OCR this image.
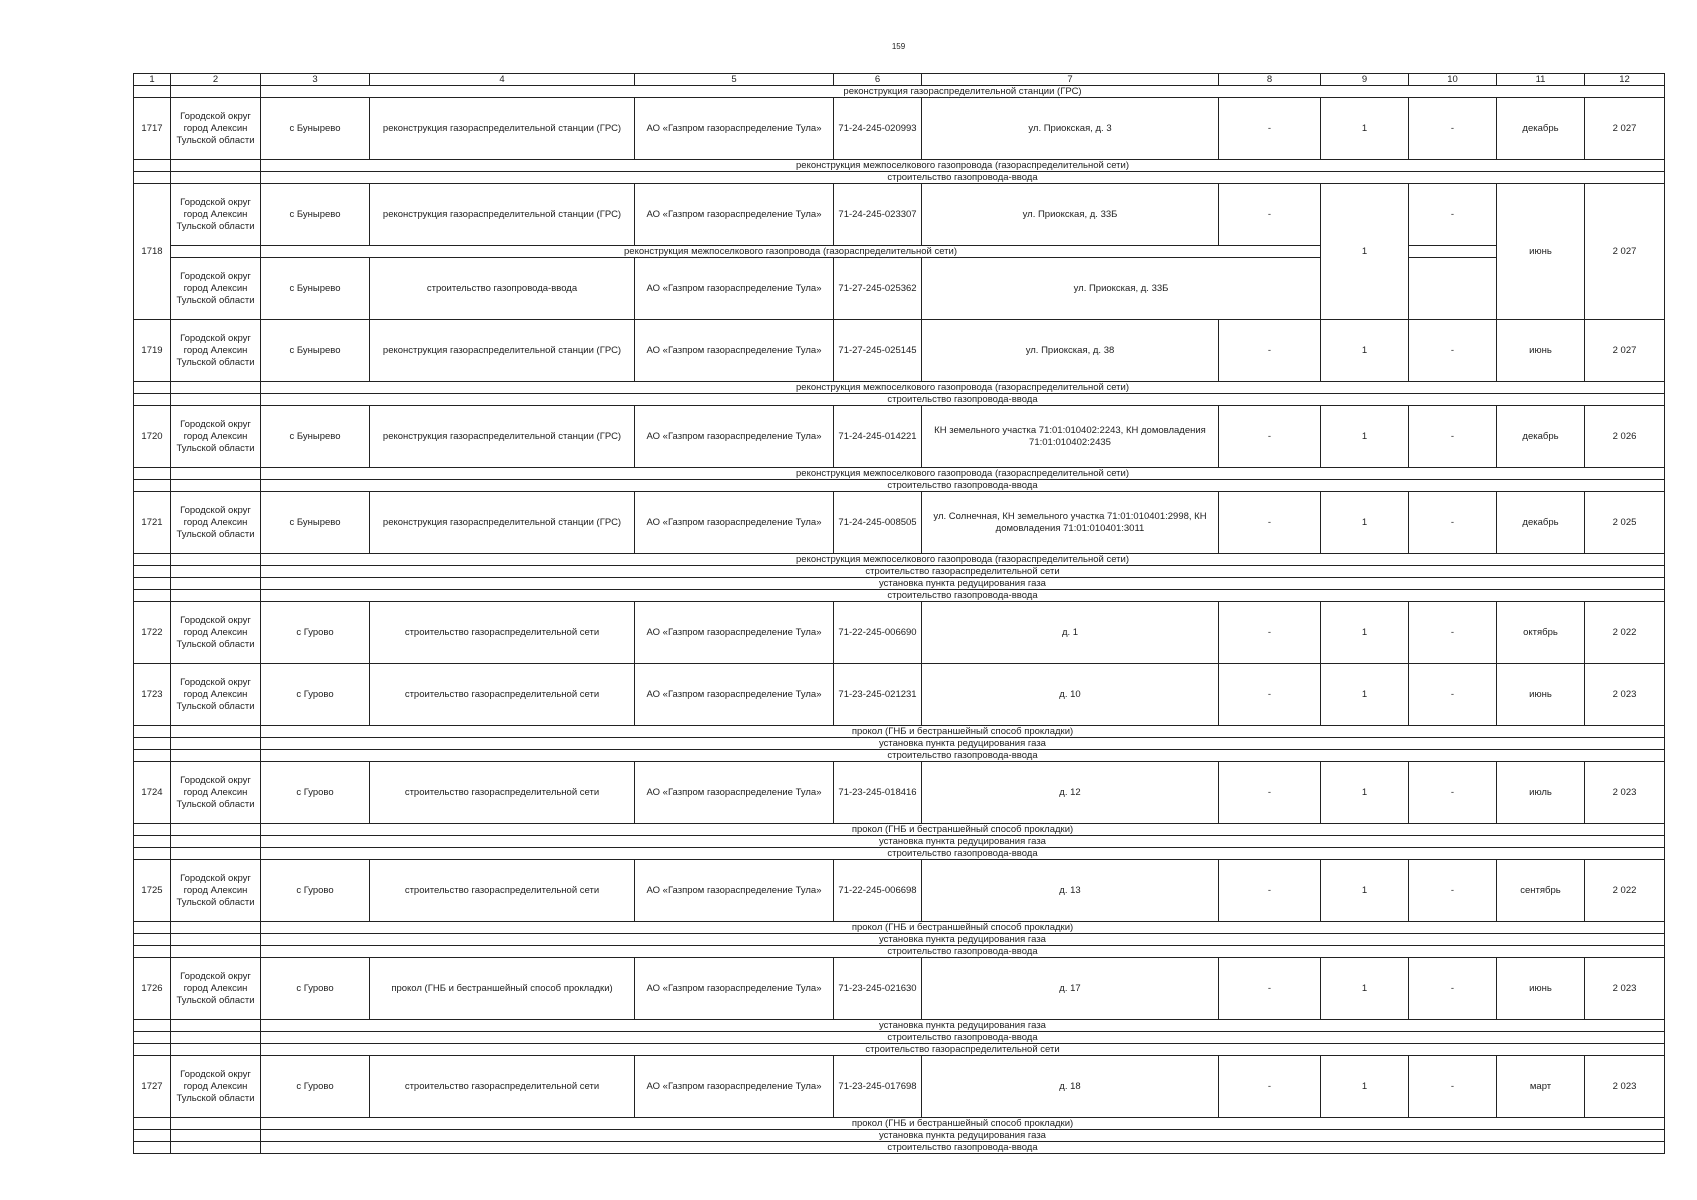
159
1	2	3	4	5	6	7	8	9	10	11	12
		реконструкция газораспределительной станции (ГРС)									
1717	Городской округ город Алексин Тульской области	с Бунырево	реконструкция газораспределительной станции (ГРС)	АО «Газпром газораспределение Тула»	71-24-245-020993	ул. Приокская, д. 3	-	1	-	декабрь	2 027
		реконструкция межпоселкового газопровода (газораспределительной сети)									
		строительство газопровода-ввода									
1718	Городской округ город Алексин Тульской области	с Бунырево	реконструкция газораспределительной станции (ГРС)	АО «Газпром газораспределение Тула»	71-24-245-023307	ул. Приокская, д. 33Б	-	1	-	июнь	2 027
		реконструкция межпоселкового газопровода (газораспределительной сети)									
	Городской округ город Алексин Тульской области	с Бунырево	строительство газопровода-ввода	АО «Газпром газораспределение Тула»	71-27-245-025362	ул. Приокская, д. 33Б					
1719	Городской округ город Алексин Тульской области	с Бунырево	реконструкция газораспределительной станции (ГРС)	АО «Газпром газораспределение Тула»	71-27-245-025145	ул. Приокская, д. 38	-	1	-	июнь	2 027
		реконструкция межпоселкового газопровода (газораспределительной сети)									
		строительство газопровода-ввода									
1720	Городской округ город Алексин Тульской области	с Бунырево	реконструкция газораспределительной станции (ГРС)	АО «Газпром газораспределение Тула»	71-24-245-014221	КН земельного участка 71:01:010402:2243, КН домовладения 71:01:010402:2435	-	1	-	декабрь	2 026
		реконструкция межпоселкового газопровода (газораспределительной сети)									
		строительство газопровода-ввода									
1721	Городской округ город Алексин Тульской области	с Бунырево	реконструкция газораспределительной станции (ГРС)	АО «Газпром газораспределение Тула»	71-24-245-008505	ул. Солнечная, КН земельного участка 71:01:010401:2998, КН домовладения 71:01:010401:3011	-	1	-	декабрь	2 025
		реконструкция межпоселкового газопровода (газораспределительной сети)									
		строительство газораспределительной сети									
		установка пункта редуцирования газа									
		строительство газопровода-ввода									
1722	Городской округ город Алексин Тульской области	с Гурово	строительство газораспределительной сети	АО «Газпром газораспределение Тула»	71-22-245-006690	д. 1	-	1	-	октябрь	2 022
1723	Городской округ город Алексин Тульской области	с Гурово	строительство газораспределительной сети	АО «Газпром газораспределение Тула»	71-23-245-021231	д. 10	-	1	-	июнь	2 023
		прокол (ГНБ и бестраншейный способ прокладки)									
		установка пункта редуцирования газа									
		строительство газопровода-ввода									
1724	Городской округ город Алексин Тульской области	с Гурово	строительство газораспределительной сети	АО «Газпром газораспределение Тула»	71-23-245-018416	д. 12	-	1	-	июль	2 023
		прокол (ГНБ и бестраншейный способ прокладки)									
		установка пункта редуцирования газа									
		строительство газопровода-ввода									
1725	Городской округ город Алексин Тульской области	с Гурово	строительство газораспределительной сети	АО «Газпром газораспределение Тула»	71-22-245-006698	д. 13	-	1	-	сентябрь	2 022
		прокол (ГНБ и бестраншейный способ прокладки)									
		установка пункта редуцирования газа									
		строительство газопровода-ввода									
1726	Городской округ город Алексин Тульской области	с Гурово	прокол (ГНБ и бестраншейный способ прокладки)	АО «Газпром газораспределение Тула»	71-23-245-021630	д. 17	-	1	-	июнь	2 023
		установка пункта редуцирования газа									
		строительство газопровода-ввода									
		строительство газораспределительной сети									
1727	Городской округ город Алексин Тульской области	с Гурово	строительство газораспределительной сети	АО «Газпром газораспределение Тула»	71-23-245-017698	д. 18	-	1	-	март	2 023
		прокол (ГНБ и бестраншейный способ прокладки)									
		установка пункта редуцирования газа									
		строительство газопровода-ввода									
